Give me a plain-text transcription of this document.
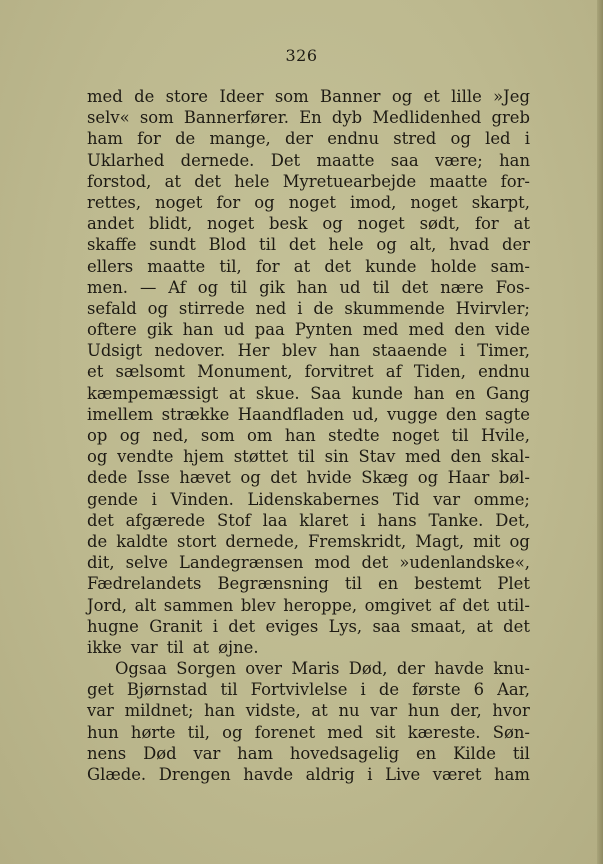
326
med de store Ideer som Banner og et lille »Jeg
selv« som Bannerfører. En dyb Medlidenhed greb
ham for de mange, der endnu stred og led i
Uklarhed dernede. Det maatte saa være; han
forstod, at det hele Myretuearbejde maatte for-
rettes, noget for og noget imod, noget skarpt,
andet blidt, noget besk og noget sødt, for at
skaffe sundt Blod til det hele og alt, hvad der
ellers maatte til, for at det kunde holde sam-
men. — Af og til gik han ud til det nære Fos-
sefald og stirrede ned i de skummende Hvirvler;
oftere gik han ud paa Pynten med med den vide
Udsigt nedover. Her blev han staaende i Timer,
et sælsomt Monument, forvitret af Tiden, endnu
kæmpemæssigt at skue. Saa kunde han en Gang
imellem strække Haandfladen ud, vugge den sagte
op og ned, som om han stedte noget til Hvile,
og vendte hjem støttet til sin Stav med den skal-
dede Isse hævet og det hvide Skæg og Haar bøl-
gende i Vinden. Lidenskabernes Tid var omme;
det afgærede Stof laa klaret i hans Tanke. Det,
de kaldte stort dernede, Fremskridt, Magt, mit og
dit, selve Landegrænsen mod det »udenlandske«,
Fædrelandets Begrænsning til en bestemt Plet
Jord, alt sammen blev heroppe, omgivet af det util-
hugne Granit i det eviges Lys, saa smaat, at det
ikke var til at øjne.
Ogsaa Sorgen over Maris Død, der havde knu-
get Bjørnstad til Fortvivlelse i de første 6 Aar,
var mildnet; han vidste, at nu var hun der, hvor
hun hørte til, og forenet med sit kæreste. Søn-
nens Død var ham hovedsagelig en Kilde til
Glæde. Drengen havde aldrig i Live været ham
